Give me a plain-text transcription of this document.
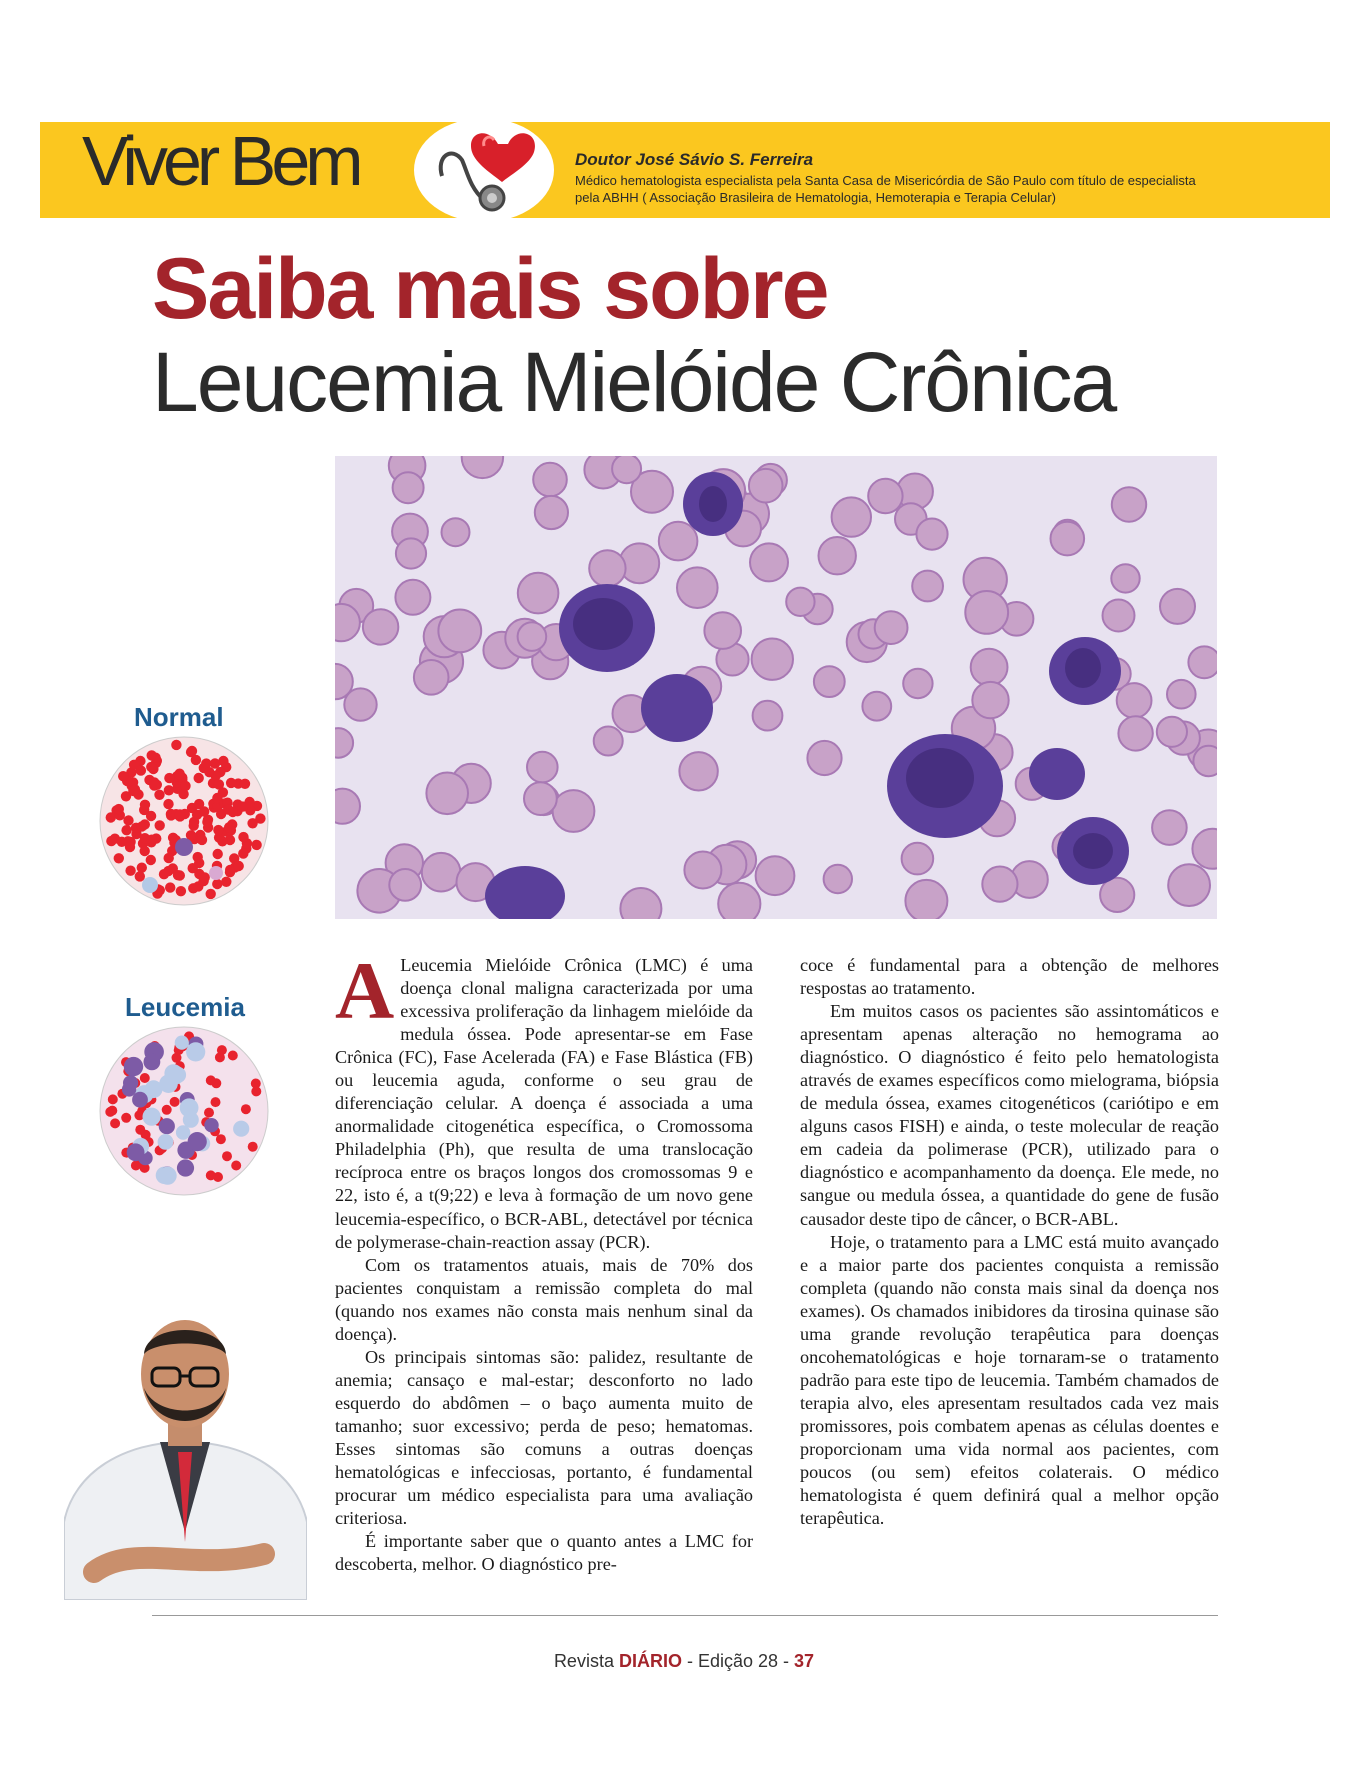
Viver Bem	Doutor José Sávio S. Ferreira
Médico hematologista especialista pela Santa Casa de Misericórdia de São Paulo com título de especialista pela ABHH ( Associação Brasileira de Hematologia, Hemoterapia e Terapia Celular)
Saiba mais sobre
Leucemia Mielóide Crônica
Normal
Leucemia A Leucemia Mielóide Crônica (LMC) é uma doença clonal maligna caracterizada por uma excessiva proliferação da linhagem mielóide da medula óssea. Pode apresentar-se em Fase Crônica (FC), Fase Acelerada (FA) e Fase Blástica (FB) ou leucemia aguda, conforme o seu grau de diferenciação celular. A doença é associada a uma anormalidade citogenética específica, o Cromossoma Philadelphia (Ph), que resulta de uma translocação recíproca entre os braços longos dos cromossomas 9 e 22, isto é, a t(9;22) e leva à formação de um novo gene leucemia-específico, o BCR-ABL, detectável por técnica de polymerase-chain-reaction assay (PCR).

Com os tratamentos atuais, mais de 70% dos pacientes conquistam a remissão completa do mal (quando nos exames não consta mais nenhum sinal da doença).

Os principais sintomas são: palidez, resultante de anemia; cansaço e mal-estar; desconforto no lado esquerdo do abdômen – o baço aumenta muito de tamanho; suor excessivo; perda de peso; hematomas. Esses sintomas são comuns a outras doenças hematológicas e infecciosas, portanto, é fundamental procurar um médico especialista para uma avaliação criteriosa.

É importante saber que o quanto antes a LMC for descoberta, melhor. O diagnóstico pre-

coce é fundamental para a obtenção de melhores respostas ao tratamento.

Em muitos casos os pacientes são assintomáticos e apresentam apenas alteração no hemograma ao diagnóstico. O diagnóstico é feito pelo hematologista através de exames específicos como mielograma, biópsia de medula óssea, exames citogenéticos (cariótipo e em alguns casos FISH) e ainda, o teste molecular de reação em cadeia da polimerase (PCR), utilizado para o diagnóstico e acompanhamento da doença. Ele mede, no sangue ou medula óssea, a quantidade do gene de fusão causador deste tipo de câncer, o BCR-ABL.

Hoje, o tratamento para a LMC está muito avançado e a maior parte dos pacientes conquista a remissão completa (quando não consta mais sinal da doença nos exames). Os chamados inibidores da tirosina quinase são uma grande revolução terapêutica para doenças oncohematológicas e hoje tornaram-se o tratamento padrão para este tipo de leucemia. Também chamados de terapia alvo, eles apresentam resultados cada vez mais promissores, pois combatem apenas as células doentes e proporcionam uma vida normal aos pacientes, com poucos (ou sem) efeitos colaterais. O médico hematologista é quem definirá qual a melhor opção terapêutica.

Revista DIÁRIO - Edição 28 - 37
